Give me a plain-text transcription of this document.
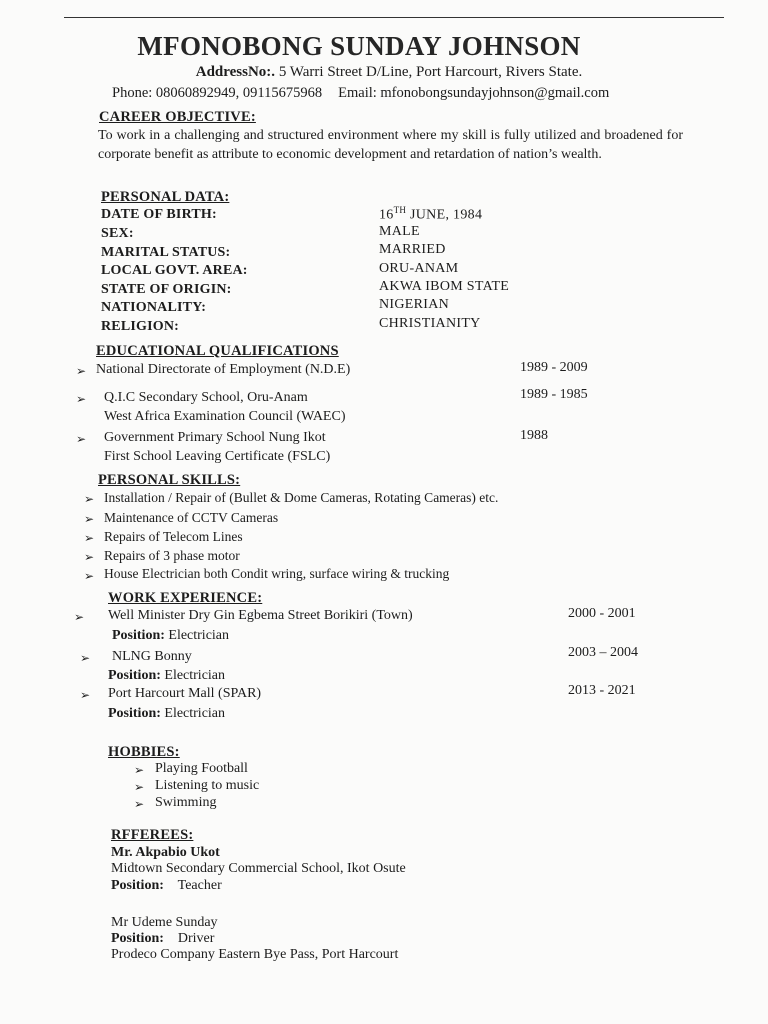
MFONOBONG SUNDAY JOHNSON
AddressNo:. 5 Warri Street D/Line, Port Harcourt, Rivers State.
Phone: 08060892949, 09115675968 Email: mfonobongsundayjohnson@gmail.com
CAREER OBJECTIVE:
To work in a challenging and structured environment where my skill is fully utilized and broadened for corporate benefit as attribute to economic development and retardation of nation’s wealth.
PERSONAL DATA:
DATE OF BIRTH:	16TH JUNE, 1984
SEX:	MALE
MARITAL STATUS:	MARRIED
LOCAL GOVT. AREA:	ORU-ANAM
STATE OF ORIGIN:	AKWA IBOM STATE
NATIONALITY:	NIGERIAN
RELIGION:	CHRISTIANITY
EDUCATIONAL QUALIFICATIONS
➢ National Directorate of Employment (N.D.E)	1989 - 2009
➢ Q.I.C Secondary School, Oru-Anam
West Africa Examination Council (WAEC)
1989 - 1985
➢ Government Primary School Nung Ikot
First School Leaving Certificate (FSLC)
1988
PERSONAL SKILLS:
➢ Installation / Repair of (Bullet & Dome Cameras, Rotating Cameras) etc.
➢ Maintenance of CCTV Cameras
➢ Repairs of Telecom Lines
➢ Repairs of 3 phase motor
➢ House Electrician both Condit wring, surface wiring & trucking
WORK EXPERIENCE:
➢ Well Minister Dry Gin Egbema Street Borikiri (Town)	2000 - 2001
Position: Electrician
➢ NLNG Bonny	2003 – 2004
Position: Electrician
➢ Port Harcourt Mall (SPAR)	2013 - 2021
Position: Electrician
HOBBIES:
➢ Playing Football
➢ Listening to music
➢ Swimming
RFFEREES:
Mr. Akpabio Ukot
Midtown Secondary Commercial School, Ikot Osute
Position: Teacher
Mr Udeme Sunday
Position: Driver
Prodeco Company Eastern Bye Pass, Port Harcourt
